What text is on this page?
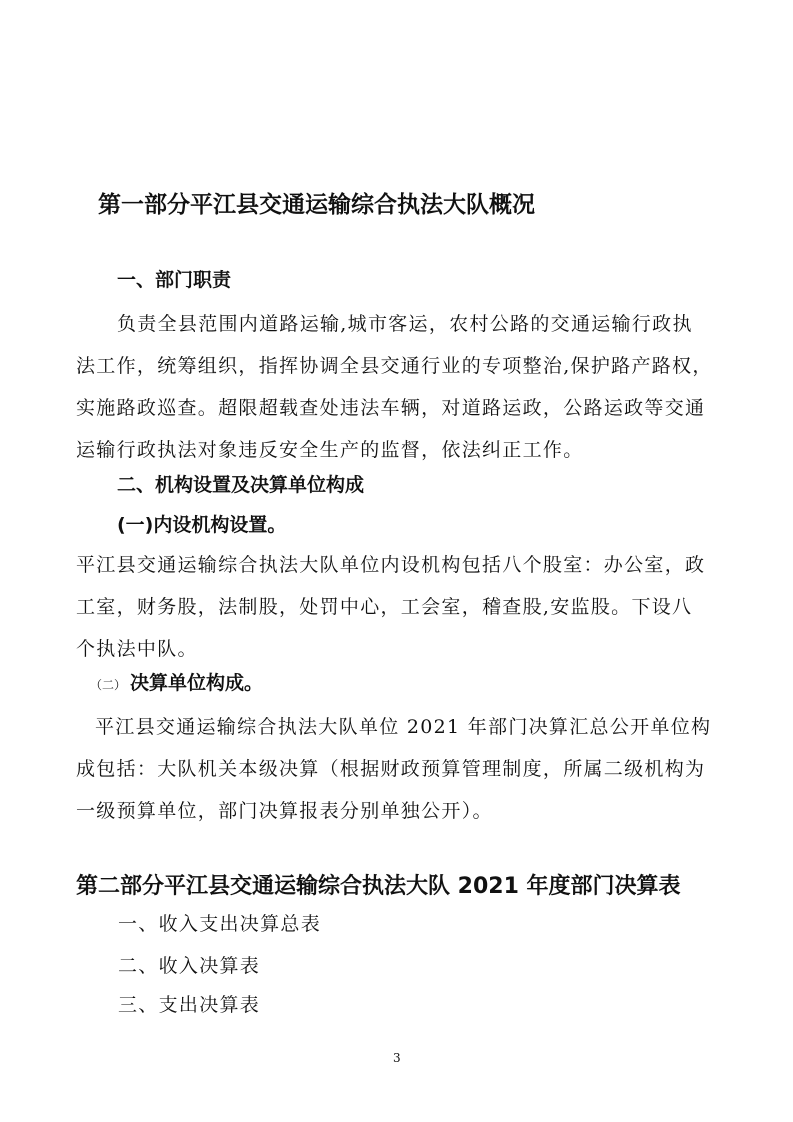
第一部分平江县交通运输综合执法大队概况
一、部门职责
负责全县范围内道路运输,城市客运，农村公路的交通运输行政执
法工作，统筹组织，指挥协调全县交通行业的专项整治,保护路产路权，
实施路政巡查。超限超载查处违法车辆，对道路运政，公路运政等交通
运输行政执法对象违反安全生产的监督，依法纠正工作。
二、机构设置及决算单位构成
(一)内设机构设置。
平江县交通运输综合执法大队单位内设机构包括八个股室：办公室，政
工室，财务股，法制股，处罚中心，工会室，稽查股,安监股。下设八
个执法中队。
（二） 决算单位构成。
平江县交通运输综合执法大队单位 2021 年部门决算汇总公开单位构
成包括：大队机关本级决算（根据财政预算管理制度，所属二级机构为
一级预算单位，部门决算报表分别单独公开）。
第二部分平江县交通运输综合执法大队 2021 年度部门决算表
一、收入支出决算总表
二、收入决算表
三、支出决算表
3
